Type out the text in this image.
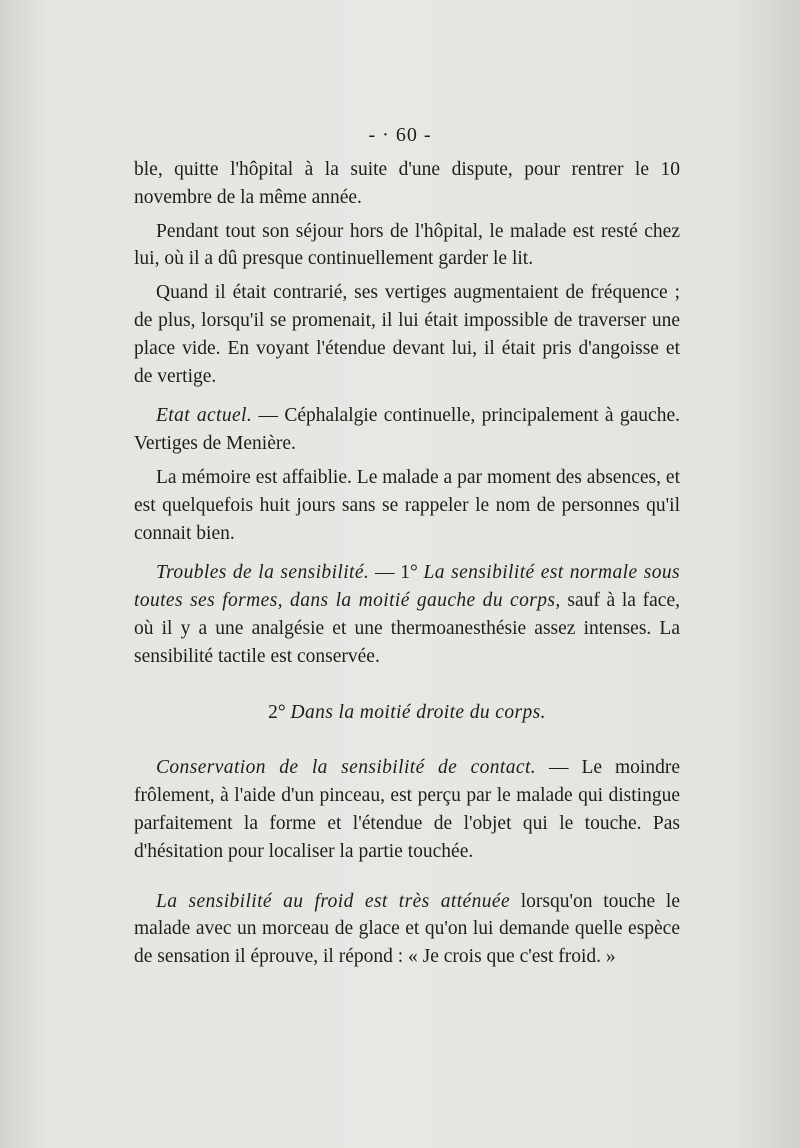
- · 60 -

ble, quitte l'hôpital à la suite d'une dispute, pour rentrer le 10 novembre de la même année.

Pendant tout son séjour hors de l'hôpital, le malade est resté chez lui, où il a dû presque continuellement garder le lit.

Quand il était contrarié, ses vertiges augmentaient de fréquence ; de plus, lorsqu'il se promenait, il lui était impossible de traverser une place vide. En voyant l'étendue devant lui, il était pris d'angoisse et de vertige.

Etat actuel. — Céphalalgie continuelle, principalement à gauche. Vertiges de Menière.

La mémoire est affaiblie. Le malade a par moment des absences, et est quelquefois huit jours sans se rappeler le nom de personnes qu'il connait bien.

Troubles de la sensibilité. — 1° La sensibilité est normale sous toutes ses formes, dans la moitié gauche du corps, sauf à la face, où il y a une analgésie et une thermoanesthésie assez intenses. La sensibilité tactile est conservée.

2° Dans la moitié droite du corps.

Conservation de la sensibilité de contact. — Le moindre frôlement, à l'aide d'un pinceau, est perçu par le malade qui distingue parfaitement la forme et l'étendue de l'objet qui le touche. Pas d'hésitation pour localiser la partie touchée.

La sensibilité au froid est très atténuée lorsqu'on touche le malade avec un morceau de glace et qu'on lui demande quelle espèce de sensation il éprouve, il répond : « Je crois que c'est froid. »
